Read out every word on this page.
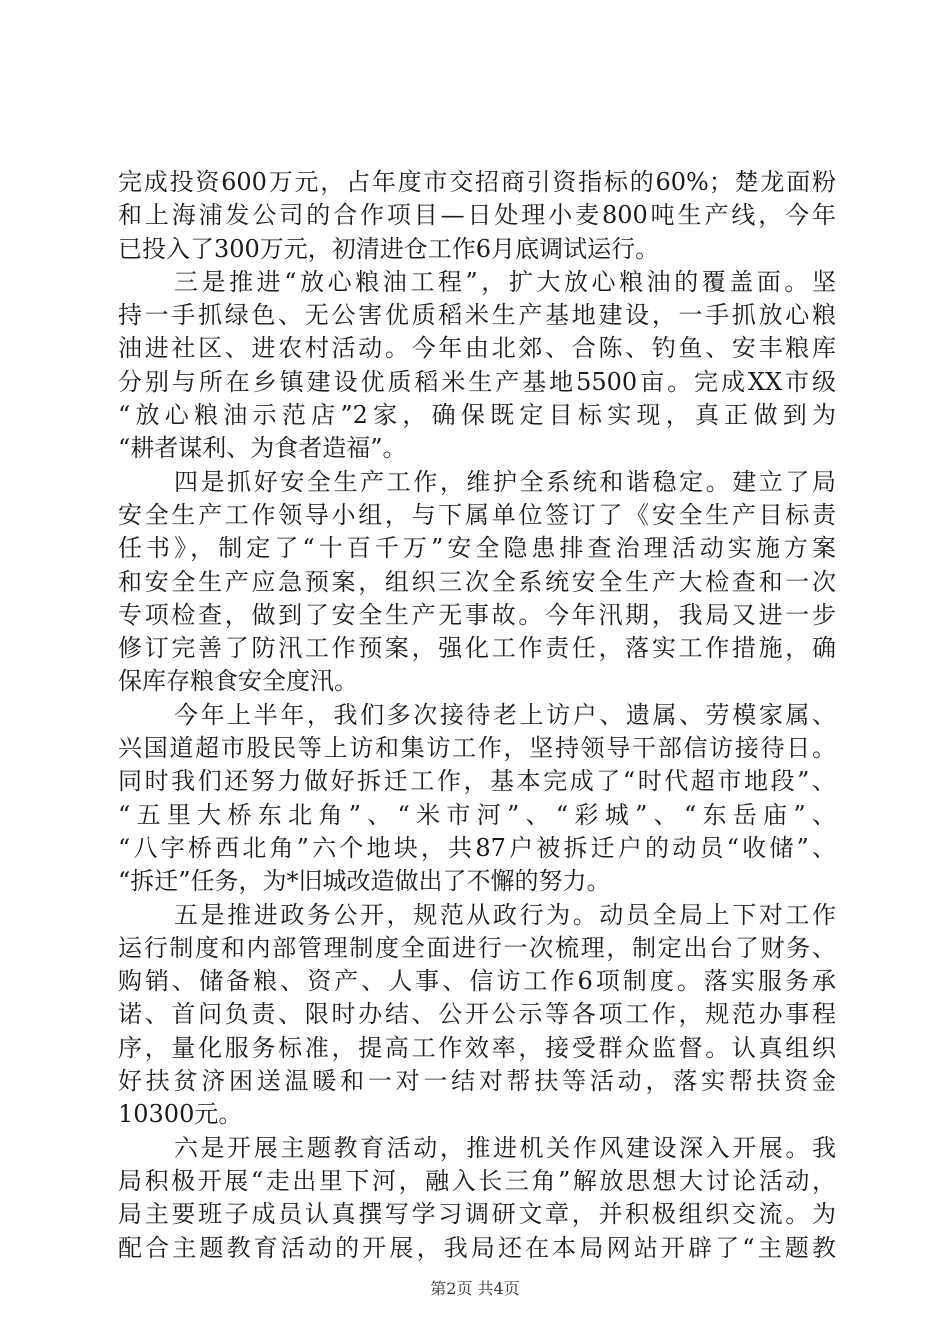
完成投资600万元，占年度市交招商引资指标的60%；楚龙面粉
和上海浦发公司的合作项目—日处理小麦800吨生产线，今年
已投入了300万元，初清进仓工作6月底调试运行。
三是推进“放心粮油工程”，扩大放心粮油的覆盖面。坚
持一手抓绿色、无公害优质稻米生产基地建设，一手抓放心粮
油进社区、进农村活动。今年由北郊、合陈、钓鱼、安丰粮库
分别与所在乡镇建设优质稻米生产基地5500亩。完成XX市级
“放心粮油示范店”2家，确保既定目标实现，真正做到为
“耕者谋利、为食者造福”。
四是抓好安全生产工作，维护全系统和谐稳定。建立了局
安全生产工作领导小组，与下属单位签订了《安全生产目标责
任书》，制定了“十百千万”安全隐患排查治理活动实施方案
和安全生产应急预案，组织三次全系统安全生产大检查和一次
专项检查，做到了安全生产无事故。今年汛期，我局又进一步
修订完善了防汛工作预案，强化工作责任，落实工作措施，确
保库存粮食安全度汛。
今年上半年，我们多次接待老上访户、遗属、劳模家属、
兴国道超市股民等上访和集访工作，坚持领导干部信访接待日。
同时我们还努力做好拆迁工作，基本完成了“时代超市地段”、
“五里大桥东北角”、“米市河”、“彩城”、“东岳庙”、
“八字桥西北角”六个地块，共87户被拆迁户的动员“收储”、
“拆迁”任务，为*旧城改造做出了不懈的努力。
五是推进政务公开，规范从政行为。动员全局上下对工作
运行制度和内部管理制度全面进行一次梳理，制定出台了财务、
购销、储备粮、资产、人事、信访工作6项制度。落实服务承
诺、首问负责、限时办结、公开公示等各项工作，规范办事程
序，量化服务标准，提高工作效率，接受群众监督。认真组织
好扶贫济困送温暖和一对一结对帮扶等活动，落实帮扶资金
10300元。
六是开展主题教育活动，推进机关作风建设深入开展。我
局积极开展“走出里下河，融入长三角”解放思想大讨论活动，
局主要班子成员认真撰写学习调研文章，并积极组织交流。为
配合主题教育活动的开展，我局还在本局网站开辟了“主题教
第2页 共4页
